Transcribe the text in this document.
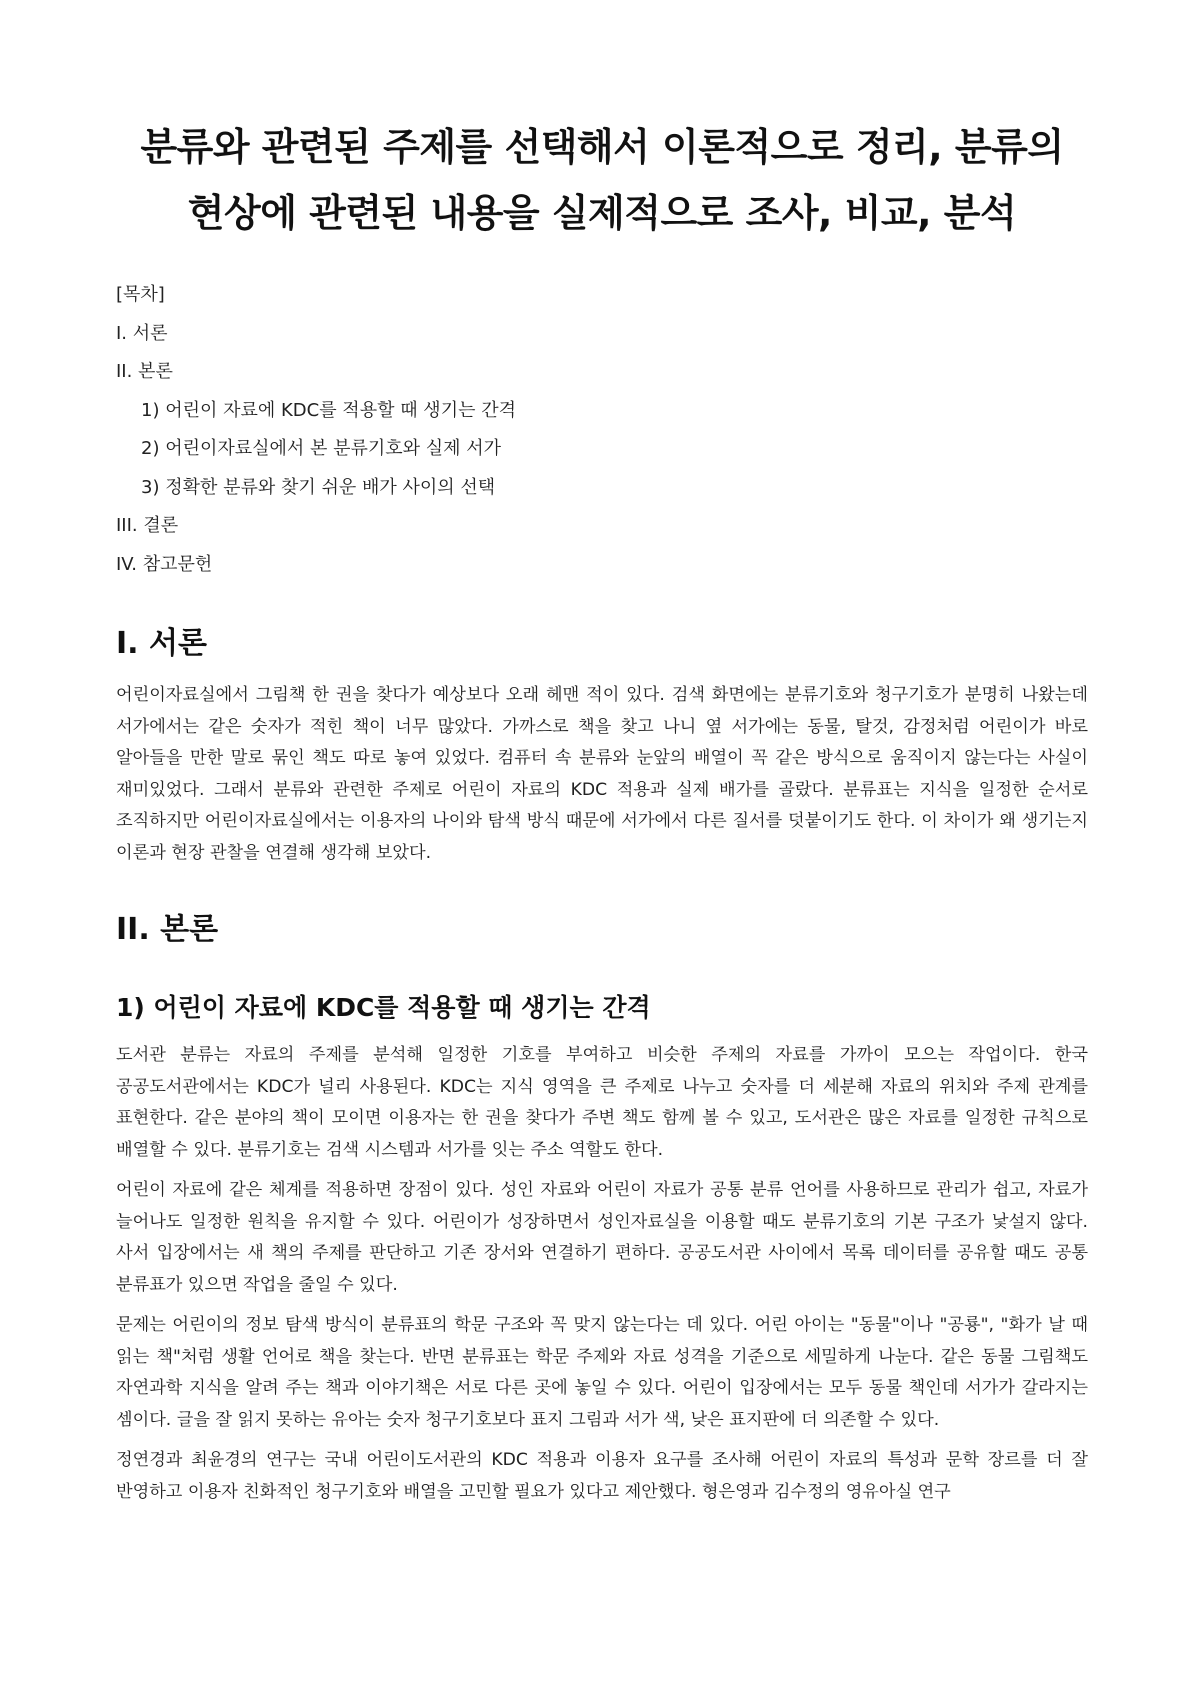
분류와 관련된 주제를 선택해서 이론적으로 정리, 분류의 현상에 관련된 내용을 실제적으로 조사, 비교, 분석
[목차]
I. 서론
II. 본론
1) 어린이 자료에 KDC를 적용할 때 생기는 간격
2) 어린이자료실에서 본 분류기호와 실제 서가
3) 정확한 분류와 찾기 쉬운 배가 사이의 선택
III. 결론
IV. 참고문헌
I. 서론

어린이자료실에서 그림책 한 권을 찾다가 예상보다 오래 헤맨 적이 있다. 검색 화면에는 분류기호와 청구기호가 분명히 나왔는데 서가에서는 같은 숫자가 적힌 책이 너무 많았다. 가까스로 책을 찾고 나니 옆 서가에는 동물, 탈것, 감정처럼 어린이가 바로 알아들을 만한 말로 묶인 책도 따로 놓여 있었다. 컴퓨터 속 분류와 눈앞의 배열이 꼭 같은 방식으로 움직이지 않는다는 사실이 재미있었다. 그래서 분류와 관련한 주제로 어린이 자료의 KDC 적용과 실제 배가를 골랐다. 분류표는 지식을 일정한 순서로 조직하지만 어린이자료실에서는 이용자의 나이와 탐색 방식 때문에 서가에서 다른 질서를 덧붙이기도 한다. 이 차이가 왜 생기는지 이론과 현장 관찰을 연결해 생각해 보았다.

II. 본론
1) 어린이 자료에 KDC를 적용할 때 생기는 간격

도서관 분류는 자료의 주제를 분석해 일정한 기호를 부여하고 비슷한 주제의 자료를 가까이 모으는 작업이다. 한국 공공도서관에서는 KDC가 널리 사용된다. KDC는 지식 영역을 큰 주제로 나누고 숫자를 더 세분해 자료의 위치와 주제 관계를 표현한다. 같은 분야의 책이 모이면 이용자는 한 권을 찾다가 주변 책도 함께 볼 수 있고, 도서관은 많은 자료를 일정한 규칙으로 배열할 수 있다. 분류기호는 검색 시스템과 서가를 잇는 주소 역할도 한다.

어린이 자료에 같은 체계를 적용하면 장점이 있다. 성인 자료와 어린이 자료가 공통 분류 언어를 사용하므로 관리가 쉽고, 자료가 늘어나도 일정한 원칙을 유지할 수 있다. 어린이가 성장하면서 성인자료실을 이용할 때도 분류기호의 기본 구조가 낯설지 않다. 사서 입장에서는 새 책의 주제를 판단하고 기존 장서와 연결하기 편하다. 공공도서관 사이에서 목록 데이터를 공유할 때도 공통 분류표가 있으면 작업을 줄일 수 있다.

문제는 어린이의 정보 탐색 방식이 분류표의 학문 구조와 꼭 맞지 않는다는 데 있다. 어린 아이는 "동물"이나 "공룡", "화가 날 때 읽는 책"처럼 생활 언어로 책을 찾는다. 반면 분류표는 학문 주제와 자료 성격을 기준으로 세밀하게 나눈다. 같은 동물 그림책도 자연과학 지식을 알려 주는 책과 이야기책은 서로 다른 곳에 놓일 수 있다. 어린이 입장에서는 모두 동물 책인데 서가가 갈라지는 셈이다. 글을 잘 읽지 못하는 유아는 숫자 청구기호보다 표지 그림과 서가 색, 낮은 표지판에 더 의존할 수 있다.

정연경과 최윤경의 연구는 국내 어린이도서관의 KDC 적용과 이용자 요구를 조사해 어린이 자료의 특성과 문학 장르를 더 잘 반영하고 이용자 친화적인 청구기호와 배열을 고민할 필요가 있다고 제안했다. 형은영과 김수정의 영유아실 연구
